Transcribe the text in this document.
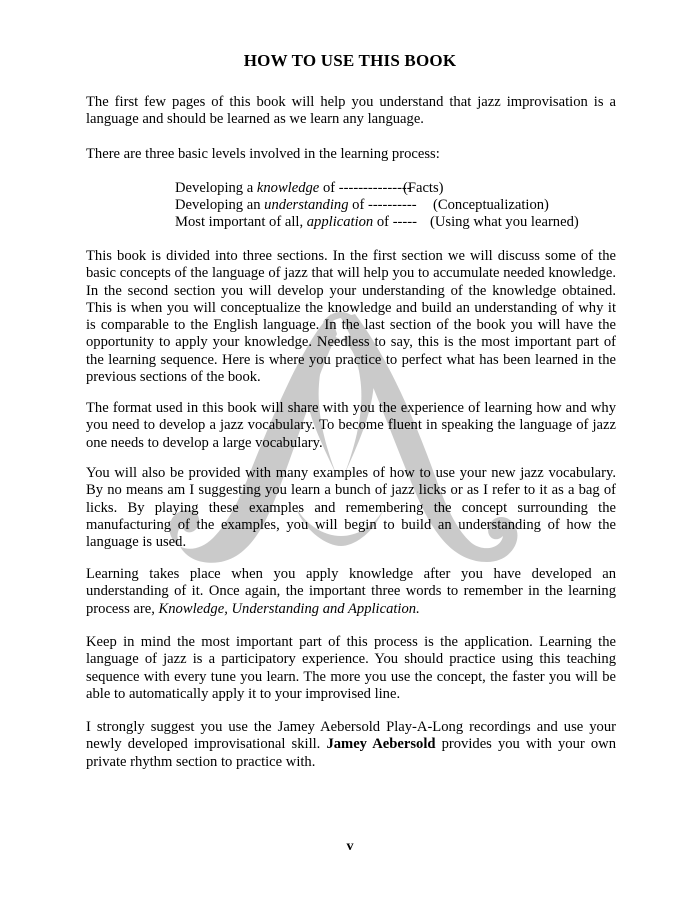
HOW TO USE THIS BOOK
The first few pages of this book will help you understand that jazz improvisation is a language and should be learned as we learn any language.
There are three basic levels involved in the learning process:
Developing a knowledge of ---------------
(Facts)
Developing an understanding of ---------- (Conceptualization)
Most important of all, application of ----- (Using what you learned)
This book is divided into three sections. In the first section we will discuss some of the basic concepts of the language of jazz that will help you to accumulate needed knowledge. In the second section you will develop your understanding of the knowledge obtained. This is when you will conceptualize the knowledge and build an understanding of why it is comparable to the English language. In the last section of the book you will have the opportunity to apply your knowledge. Needless to say, this is the most important part of the learning sequence. Here is where you practice to perfect what has been learned in the previous sections of the book.
The format used in this book will share with you the experience of learning how and why you need to develop a jazz vocabulary. To become fluent in speaking the language of jazz one needs to develop a large vocabulary.
You will also be provided with many examples of how to use your new jazz vocabulary. By no means am I suggesting you learn a bunch of jazz licks or as I refer to it as a bag of licks. By playing these examples and remembering the concept surrounding the manufacturing of the examples, you will begin to build an understanding of how the language is used.
Learning takes place when you apply knowledge after you have developed an understanding of it. Once again, the important three words to remember in the learning process are, Knowledge, Understanding and Application.
Keep in mind the most important part of this process is the application. Learning the language of jazz is a participatory experience. You should practice using this teaching sequence with every tune you learn. The more you use the concept, the faster you will be able to automatically apply it to your improvised line.
I strongly suggest you use the Jamey Aebersold Play-A-Long recordings and use your newly developed improvisational skill. Jamey Aebersold provides you with your own private rhythm section to practice with.
v
